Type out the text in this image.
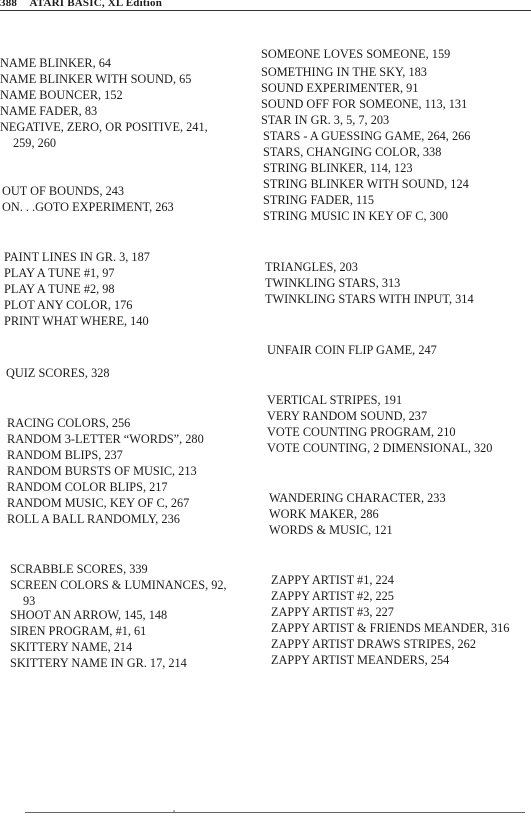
388 ATARI BASIC, XL Edition
NAME BLINKER, 64
NAME BLINKER WITH SOUND, 65
NAME BOUNCER, 152
NAME FADER, 83
NEGATIVE, ZERO, OR POSITIVE, 241,
259, 260
OUT OF BOUNDS, 243
ON. . .GOTO EXPERIMENT, 263
PAINT LINES IN GR. 3, 187
PLAY A TUNE #1, 97
PLAY A TUNE #2, 98
PLOT ANY COLOR, 176
PRINT WHAT WHERE, 140
QUIZ SCORES, 328
RACING COLORS, 256
RANDOM 3-LETTER “WORDS”, 280
RANDOM BLIPS, 237
RANDOM BURSTS OF MUSIC, 213
RANDOM COLOR BLIPS, 217
RANDOM MUSIC, KEY OF C, 267
ROLL A BALL RANDOMLY, 236
SCRABBLE SCORES, 339
SCREEN COLORS & LUMINANCES, 92,
93
SHOOT AN ARROW, 145, 148
SIREN PROGRAM, #1, 61
SKITTERY NAME, 214
SKITTERY NAME IN GR. 17, 214
SOMEONE LOVES SOMEONE, 159
SOMETHING IN THE SKY, 183
SOUND EXPERIMENTER, 91
SOUND OFF FOR SOMEONE, 113, 131
STAR IN GR. 3, 5, 7, 203
STARS - A GUESSING GAME, 264, 266
STARS, CHANGING COLOR, 338
STRING BLINKER, 114, 123
STRING BLINKER WITH SOUND, 124
STRING FADER, 115
STRING MUSIC IN KEY OF C, 300
TRIANGLES, 203
TWINKLING STARS, 313
TWINKLING STARS WITH INPUT, 314
UNFAIR COIN FLIP GAME, 247
VERTICAL STRIPES, 191
VERY RANDOM SOUND, 237
VOTE COUNTING PROGRAM, 210
VOTE COUNTING, 2 DIMENSIONAL, 320
WANDERING CHARACTER, 233
WORK MAKER, 286
WORDS & MUSIC, 121
ZAPPY ARTIST #1, 224
ZAPPY ARTIST #2, 225
ZAPPY ARTIST #3, 227
ZAPPY ARTIST & FRIENDS MEANDER, 316
ZAPPY ARTIST DRAWS STRIPES, 262
ZAPPY ARTIST MEANDERS, 254
